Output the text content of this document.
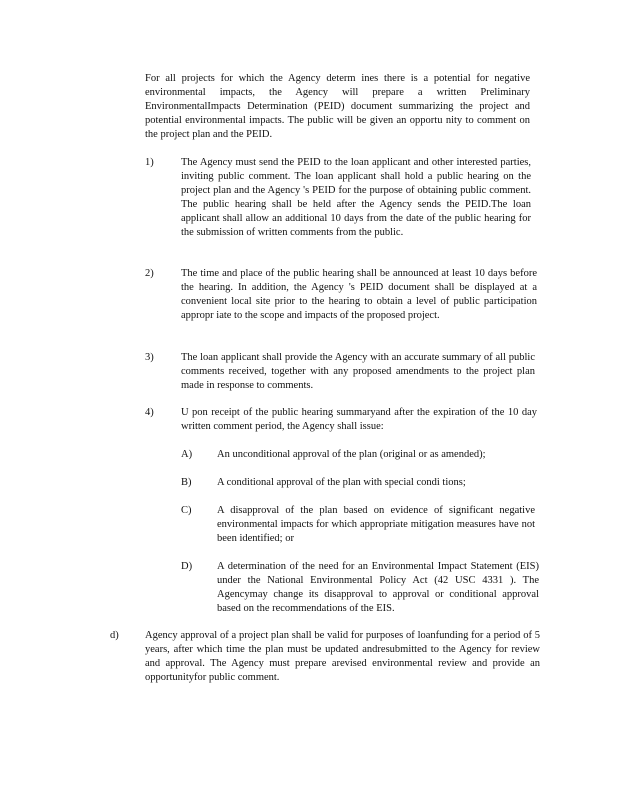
For all projects for which the Agency determ ines there is a potential for negative environmental impacts, the Agency will prepare a written Preliminary EnvironmentalImpacts Determination (PEID) document summarizing the project and potential environmental impacts. The public will be given an opportu nity to comment on the project plan and the PEID.

1)	The Agency must send the PEID to the loan applicant and other interested parties, inviting public comment. The loan applicant shall hold a public hearing on the project plan and the Agency 's PEID for the purpose of obtaining public comment. The public hearing shall be held after the Agency sends the PEID.The loan applicant shall allow an additional 10 days from the date of the public hearing for the submission of written comments from the public.

2)	The time and place of the public hearing shall be announced at least 10 days before the hearing. In addition, the Agency 's PEID document shall be displayed at a convenient local site prior to the hearing to obtain a level of public participation appropr iate to the scope and impacts of the proposed project.

3)	The loan applicant shall provide the Agency with an accurate summary of all public comments received, together with any proposed amendments to the project plan made in response to comments.

4)	U pon receipt of the public hearing summaryand after the expiration of the 10 day written comment period, the Agency shall issue:

A) An unconditional approval of the plan (original or as amended);

B) A conditional approval of the plan with special condi tions;

C) A disapproval of the plan based on evidence of significant negative environmental impacts for which appropriate mitigation measures have not been identified; or

D) A determination of the need for an Environmental Impact Statement (EIS) under the National Environmental Policy Act (42 USC 4331 ). The Agencymay change its disapproval to approval or conditional approval based on the recommendations of the EIS.

d)	Agency approval of a project plan shall be valid for purposes of loanfunding for a period of 5 years, after which time the plan must be updated andresubmitted to the Agency for review and approval. The Agency must prepare arevised environmental review and provide an opportunityfor public comment.
